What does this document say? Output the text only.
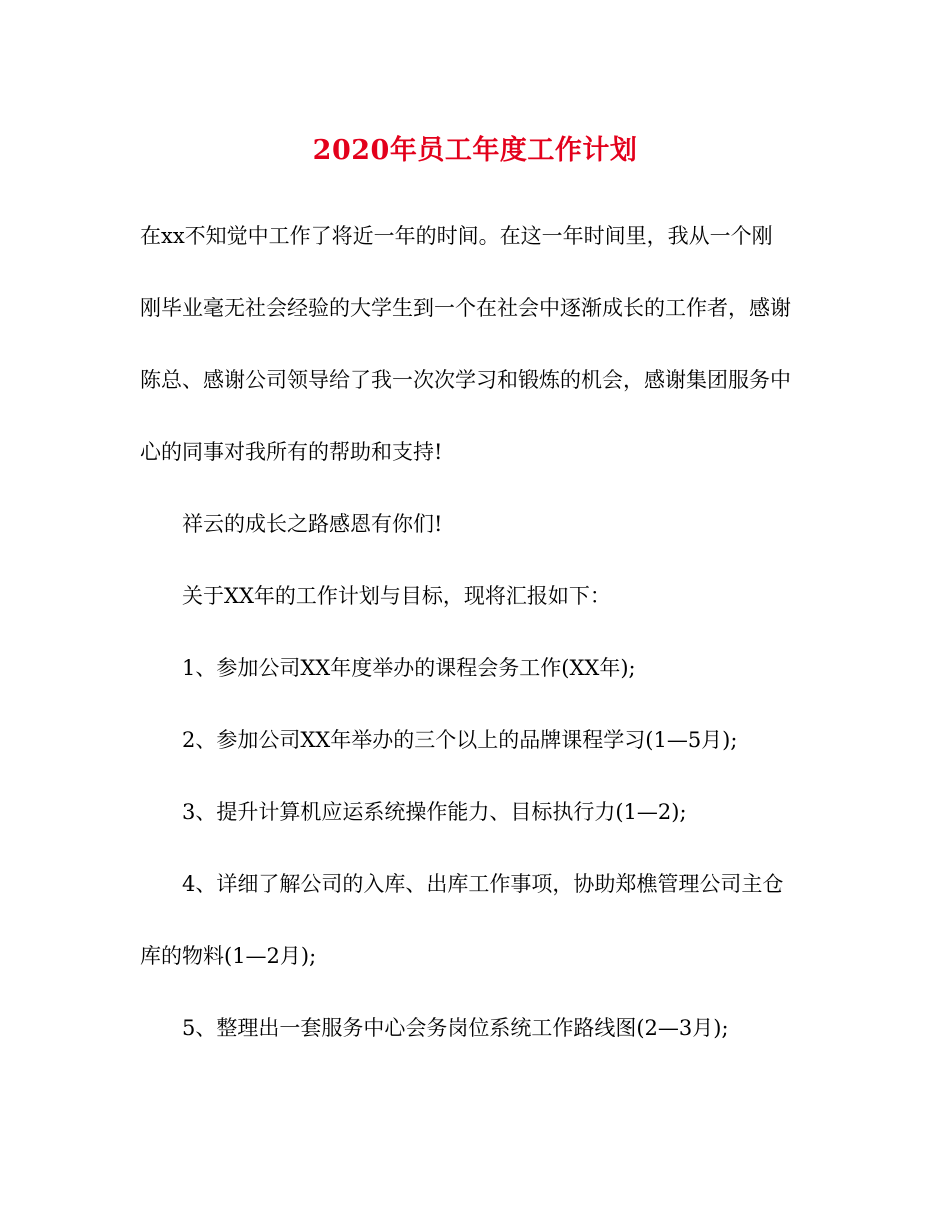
2020年员工年度工作计划

在xx不知觉中工作了将近一年的时间。在这一年时间里，我从一个刚

刚毕业毫无社会经验的大学生到一个在社会中逐渐成长的工作者，感谢

陈总、感谢公司领导给了我一次次学习和锻炼的机会，感谢集团服务中

心的同事对我所有的帮助和支持!

祥云的成长之路感恩有你们!

关于XX年的工作计划与目标，现将汇报如下：

1、参加公司XX年度举办的课程会务工作(XX年);

2、参加公司XX年举办的三个以上的品牌课程学习(1—5月);

3、提升计算机应运系统操作能力、目标执行力(1—2);

4、详细了解公司的入库、出库工作事项，协助郑樵管理公司主仓

库的物料(1—2月);

5、整理出一套服务中心会务岗位系统工作路线图(2—3月);
